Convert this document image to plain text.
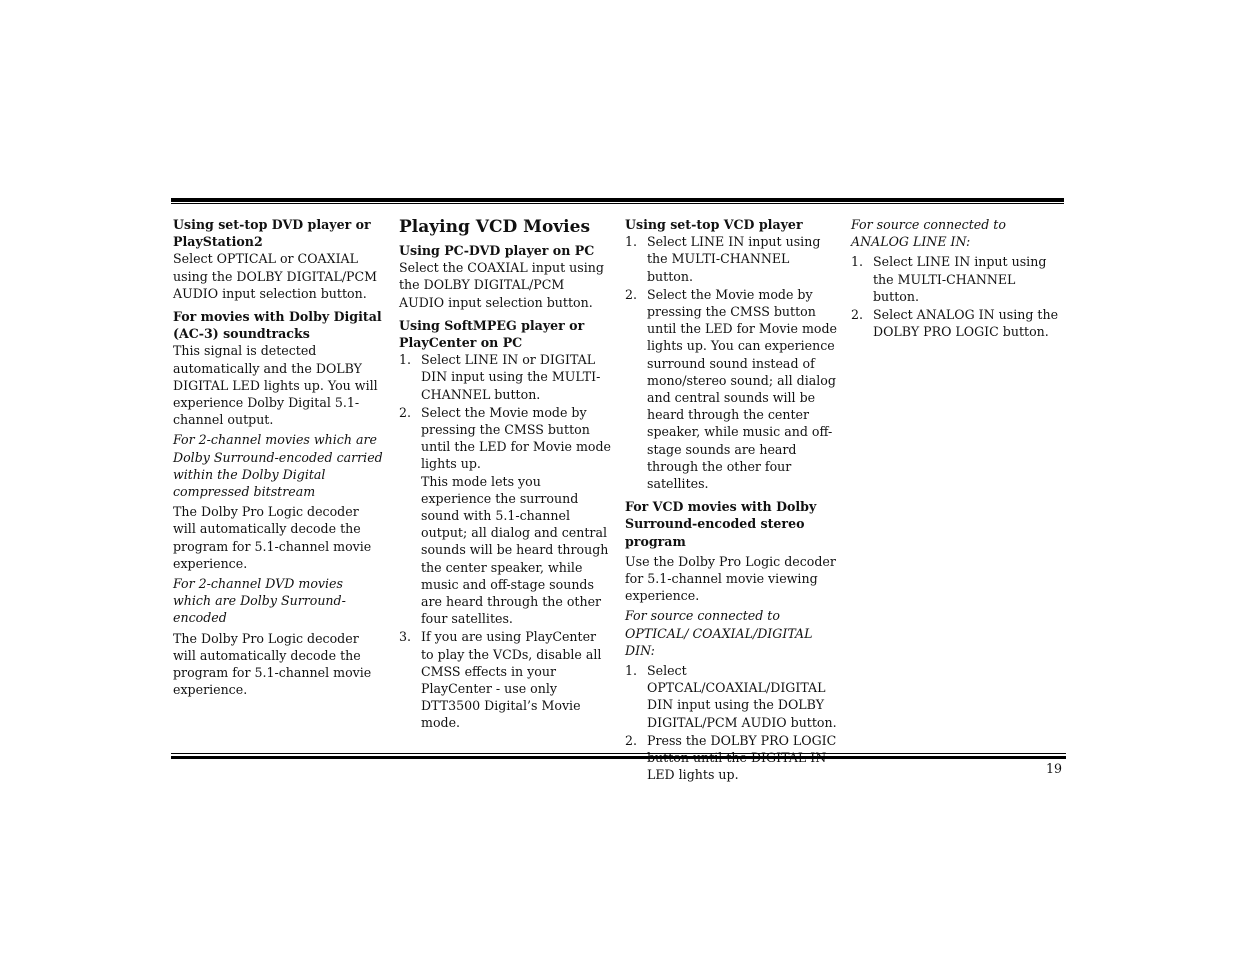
Using set-top DVD player or PlayStation2

Select OPTICAL or COAXIAL using the DOLBY DIGITAL/PCM AUDIO input selection button.

For movies with Dolby Digital (AC-3) soundtracks

This signal is detected automatically and the DOLBY DIGITAL LED lights up. You will experience Dolby Digital 5.1-channel output.

For 2-channel movies which are Dolby Surround-encoded carried within the Dolby Digital compressed bitstream

The Dolby Pro Logic decoder will automatically decode the program for 5.1-channel movie experience.

For 2-channel DVD movies which are Dolby Surround-encoded

The Dolby Pro Logic decoder will automatically decode the program for 5.1-channel movie experience.

Playing VCD Movies

Using PC-DVD player on PC

Select the COAXIAL input using the DOLBY DIGITAL/PCM AUDIO input selection button.

Using SoftMPEG player or PlayCenter on PC

1. Select LINE IN or DIGITAL DIN input using the MULTI-CHANNEL button.
2. Select the Movie mode by pressing the CMSS button until the LED for Movie mode lights up.
This mode lets you experience the surround sound with 5.1-channel output; all dialog and central sounds will be heard through the center speaker, while music and off-stage sounds are heard through the other four satellites.
3. If you are using PlayCenter to play the VCDs, disable all CMSS effects in your PlayCenter - use only DTT3500 Digital’s Movie mode.

Using set-top VCD player

1. Select LINE IN input using the MULTI-CHANNEL button.
2. Select the Movie mode by pressing the CMSS button until the LED for Movie mode lights up. You can experience surround sound instead of mono/stereo sound; all dialog and central sounds will be heard through the center speaker, while music and off-stage sounds are heard through the other four satellites.

For VCD movies with Dolby Surround-encoded stereo program

Use the Dolby Pro Logic decoder for 5.1-channel movie viewing experience.

For source connected to OPTICAL/ COAXIAL/DIGITAL DIN:

1. Select OPTCAL/COAXIAL/DIGITAL DIN input using the DOLBY DIGITAL/PCM AUDIO button.
2. Press the DOLBY PRO LOGIC LED lights up.

For source connected to ANALOG LINE IN:

1. Select LINE IN input using the MULTI-CHANNEL button.
2. Select ANALOG IN using the DOLBY PRO LOGIC button.
19
